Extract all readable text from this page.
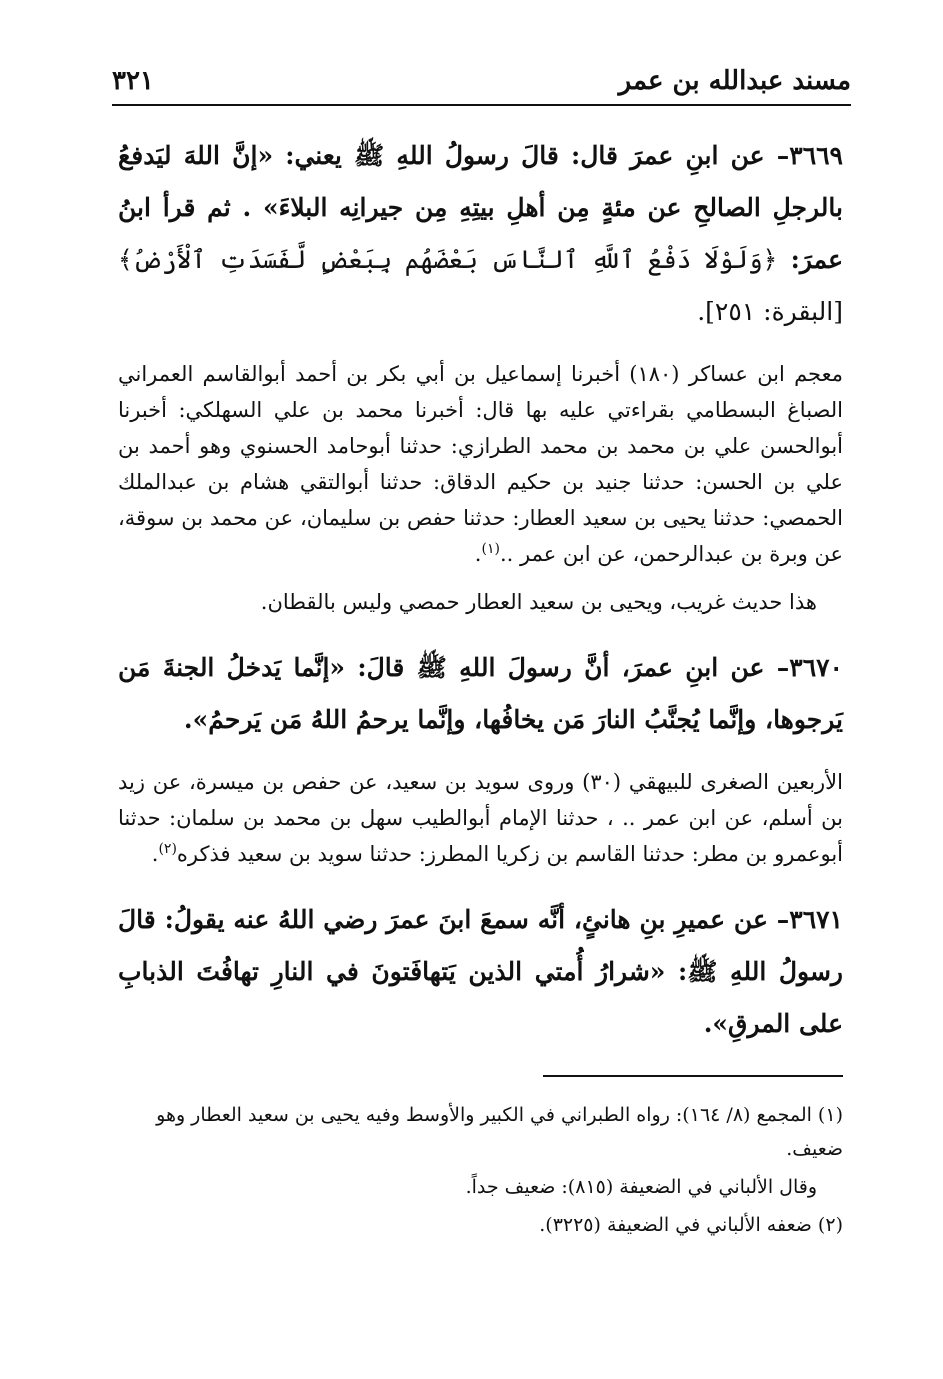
مسند عبدالله بن عمر
٣٢١

٣٦٦٩– عن ابنِ عمرَ قال: قالَ رسولُ اللهِ ﷺ يعني: «إنَّ اللهَ ليَدفعُ بالرجلِ الصالحِ عن مئةٍ مِن أهلِ بيتِهِ مِن جيرانِه البلاءَ» . ثم قرأ ابنُ عمرَ: ﴿وَلَوْلَا دَفْعُ ٱللَّهِ ٱلنَّاسَ بَعْضَهُم بِبَعْضٍ لَّفَسَدَتِ ٱلْأَرْضُ﴾ [البقرة: ٢٥١].

معجم ابن عساكر (١٨٠) أخبرنا إسماعيل بن أبي بكر بن أحمد أبوالقاسم العمراني الصباغ البسطامي بقراءتي عليه بها قال: أخبرنا محمد بن علي السهلكي: أخبرنا أبوالحسن علي بن محمد بن محمد الطرازي: حدثنا أبوحامد الحسنوي وهو أحمد بن علي بن الحسن: حدثنا جنيد بن حكيم الدقاق: حدثنا أبوالتقي هشام بن عبدالملك الحمصي: حدثنا يحيى بن سعيد العطار: حدثنا حفص بن سليمان، عن محمد بن سوقة، عن وبرة بن عبدالرحمن، عن ابن عمر ..$^{(١)}$.

هذا حديث غريب، ويحيى بن سعيد العطار حمصي وليس بالقطان.

٣٦٧٠– عن ابنِ عمرَ، أنَّ رسولَ اللهِ ﷺ قالَ: «إنَّما يَدخلُ الجنةَ مَن يَرجوها، وإنَّما يُجنَّبُ النارَ مَن يخافُها، وإنَّما يرحمُ اللهُ مَن يَرحمُ».

الأربعين الصغرى للبيهقي (٣٠) وروى سويد بن سعيد، عن حفص بن ميسرة، عن زيد بن أسلم، عن ابن عمر .. ، حدثنا الإمام أبوالطيب سهل بن محمد بن سلمان: حدثنا أبوعمرو بن مطر: حدثنا القاسم بن زكريا المطرز: حدثنا سويد بن سعيد فذكره$^{(٢)}$.

٣٦٧١– عن عميرِ بنِ هانئٍ، أنَّه سمعَ ابنَ عمرَ رضي اللهُ عنه يقولُ: قالَ رسولُ اللهِ ﷺ: «شرارُ أُمتي الذين يَتهافَتونَ في النارِ تهافُتَ الذبابِ على المرقِ».

(١) المجمع (٨/ ١٦٤): رواه الطبراني في الكبير والأوسط وفيه يحيى بن سعيد العطار وهو ضعيف.

وقال الألباني في الضعيفة (٨١٥): ضعيف جداً.

(٢) ضعفه الألباني في الضعيفة (٣٢٢٥).
